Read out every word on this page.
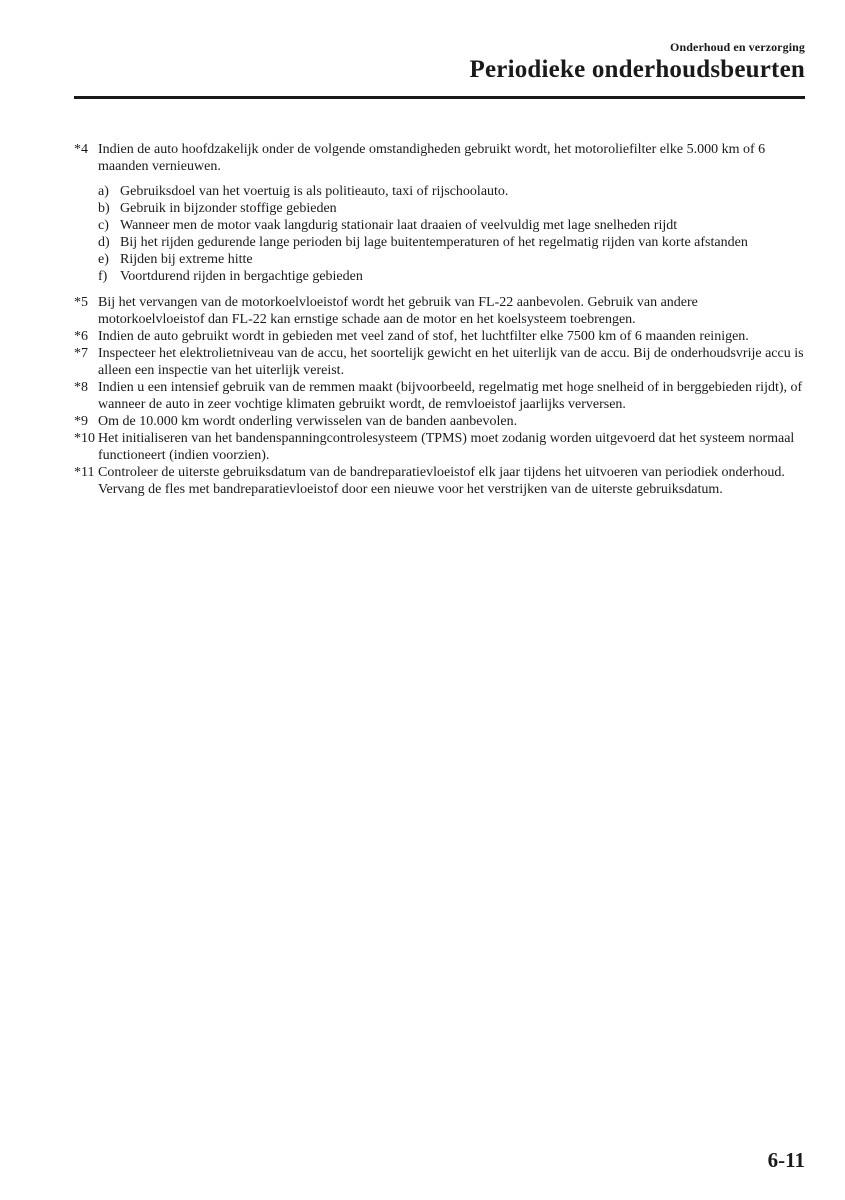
Onderhoud en verzorging
Periodieke onderhoudsbeurten
*4 Indien de auto hoofdzakelijk onder de volgende omstandigheden gebruikt wordt, het motoroliefilter elke 5.000 km of 6 maanden vernieuwen.
a) Gebruiksdoel van het voertuig is als politieauto, taxi of rijschoolauto.
b) Gebruik in bijzonder stoffige gebieden
c) Wanneer men de motor vaak langdurig stationair laat draaien of veelvuldig met lage snelheden rijdt
d) Bij het rijden gedurende lange perioden bij lage buitentemperaturen of het regelmatig rijden van korte afstanden
e) Rijden bij extreme hitte
f) Voortdurend rijden in bergachtige gebieden
*5 Bij het vervangen van de motorkoelvloeistof wordt het gebruik van FL-22 aanbevolen. Gebruik van andere motorkoelvloeistof dan FL-22 kan ernstige schade aan de motor en het koelsysteem toebrengen.
*6 Indien de auto gebruikt wordt in gebieden met veel zand of stof, het luchtfilter elke 7500 km of 6 maanden reinigen.
*7 Inspecteer het elektrolietniveau van de accu, het soortelijk gewicht en het uiterlijk van de accu. Bij de onderhoudsvrije accu is alleen een inspectie van het uiterlijk vereist.
*8 Indien u een intensief gebruik van de remmen maakt (bijvoorbeeld, regelmatig met hoge snelheid of in berggebieden rijdt), of wanneer de auto in zeer vochtige klimaten gebruikt wordt, de remvloeistof jaarlijks verversen.
*9 Om de 10.000 km wordt onderling verwisselen van de banden aanbevolen.
*10 Het initialiseren van het bandenspanningcontrolesysteem (TPMS) moet zodanig worden uitgevoerd dat het systeem normaal functioneert (indien voorzien).
*11 Controleer de uiterste gebruiksdatum van de bandreparatievloeistof elk jaar tijdens het uitvoeren van periodiek onderhoud. Vervang de fles met bandreparatievloeistof door een nieuwe voor het verstrijken van de uiterste gebruiksdatum.
6-11
